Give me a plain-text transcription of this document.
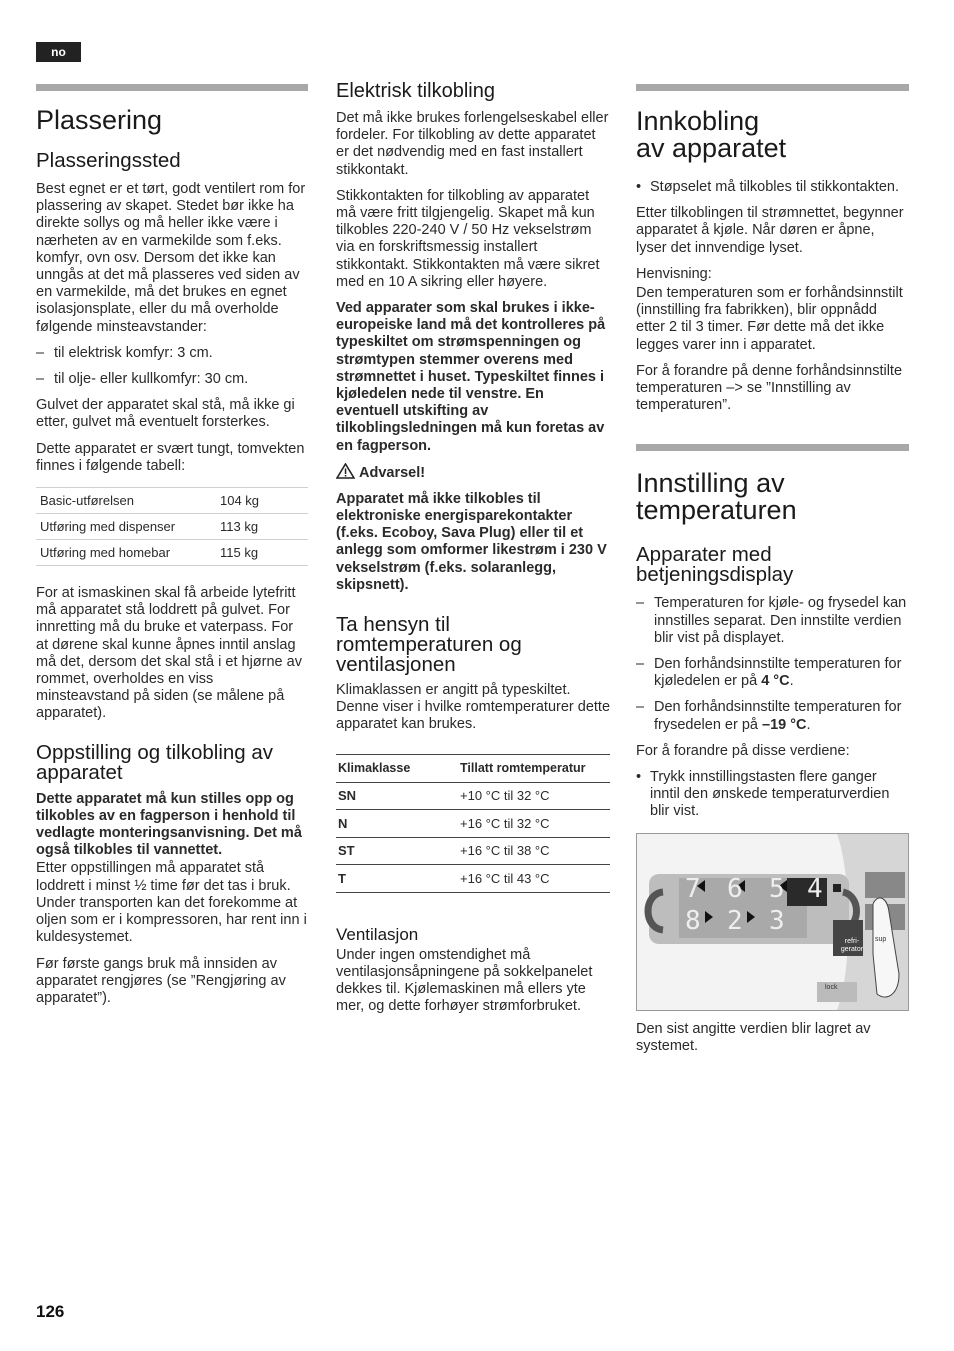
no
Plassering
Plasseringssted

Best egnet er et tørt, godt ventilert rom for plassering av skapet. Stedet bør ikke ha direkte sollys og må heller ikke være i nærheten av en varmekilde som f.eks. komfyr, ovn osv. Dersom det ikke kan unngås at det må plasseres ved siden av en varmekilde, må det brukes en egnet isolasjonsplate, eller du må overholde følgende minsteavstander:

– til elektrisk komfyr: 3 cm.
– til olje- eller kullkomfyr: 30 cm.

Gulvet der apparatet skal stå, må ikke gi etter, gulvet må eventuelt forsterkes.

Dette apparatet er svært tungt, tomvekten finnes i følgende tabell:

Basic-utførelsen	104 kg
Utføring med dispenser	113 kg
Utføring med homebar	115 kg

For at ismaskinen skal få arbeide lytefritt må apparatet stå loddrett på gulvet. For innretting må du bruke et vaterpass. For at dørene skal kunne åpnes inntil anslag må det, dersom det skal stå i et hjørne av rommet, overholdes en viss minsteavstand på siden (se målene på apparatet).

Oppstilling og tilkobling av apparatet

Dette apparatet må kun stilles opp og tilkobles av en fagperson i henhold til vedlagte monteringsanvisning. Det må også tilkobles til vannettet.

Etter oppstillingen må apparatet stå loddrett i minst ½ time før det tas i bruk. Under transporten kan det forekomme at oljen som er i kompressoren, har rent inn i kuldesystemet.

Før første gangs bruk må innsiden av apparatet rengjøres (se ”Rengjøring av apparatet”).

Elektrisk tilkobling

Det må ikke brukes forlengelseskabel eller fordeler. For tilkobling av dette apparatet er det nødvendig med en fast installert stikkontakt.

Stikkontakten for tilkobling av apparatet må være fritt tilgjengelig. Skapet må kun tilkobles 220-240 V / 50 Hz vekselstrøm via en forskriftsmessig installert stikkontakt. Stikkontakten må være sikret med en 10 A sikring eller høyere.

Ved apparater som skal brukes i ikke-europeiske land må det kontrolleres på typeskiltet om strømspenningen og strømtypen stemmer overens med strømnettet i huset. Typeskiltet finnes i kjøledelen nede til venstre. En eventuell utskifting av tilkoblingsledningen må kun foretas av en fagperson.

Advarsel!

Apparatet må ikke tilkobles til elektroniske energisparekontakter (f.eks. Ecoboy, Sava Plug) eller til et anlegg som omformer likestrøm i 230 V vekselstrøm (f.eks. solaranlegg, skipsnett).

Ta hensyn til romtemperaturen og ventilasjonen

Klimaklassen er angitt på typeskiltet. Denne viser i hvilke romtemperaturer dette apparatet kan brukes.

Klimaklasse	Tillatt romtemperatur
SN	+10 °C til 32 °C
N	+16 °C til 32 °C
ST	+16 °C til 38 °C
T	+16 °C til 43 °C
Ventilasjon

Under ingen omstendighet må ventilasjonsåpningene på sokkelpanelet dekkes til. Kjølemaskinen må ellers yte mer, og dette forhøyer strømforbruket.

Innkobling
av apparatet
• Støpselet må tilkobles til stikkontakten.

Etter tilkoblingen til strømnettet, begynner apparatet å kjøle. Når døren er åpne, lyser det innvendige lyset.

Henvisning:

Den temperaturen som er forhåndsinnstilt (innstilling fra fabrikken), blir oppnådd etter 2 til 3 timer. Før dette må det ikke legges varer inn i apparatet.

For å forandre på denne forhåndsinnstilte temperaturen –> se ”Innstilling av temperaturen”.

Innstilling av
temperaturen
Apparater med betjeningsdisplay
– Temperaturen for kjøle- og frysedel kan innstilles separat. Den innstilte verdien blir vist på displayet.
– Den forhåndsinnstilte temperaturen for kjøledelen er på 4 °C.
– Den forhåndsinnstilte temperaturen for frysedelen er på –19 °C.

For å forandre på disse verdiene:

• Trykk innstillingstasten flere ganger inntil den ønskede temperaturverdien blir vist.
7 6 5 4
8 2 3
refri-gerator
sup
lock

Den sist angitte verdien blir lagret av systemet.

126
